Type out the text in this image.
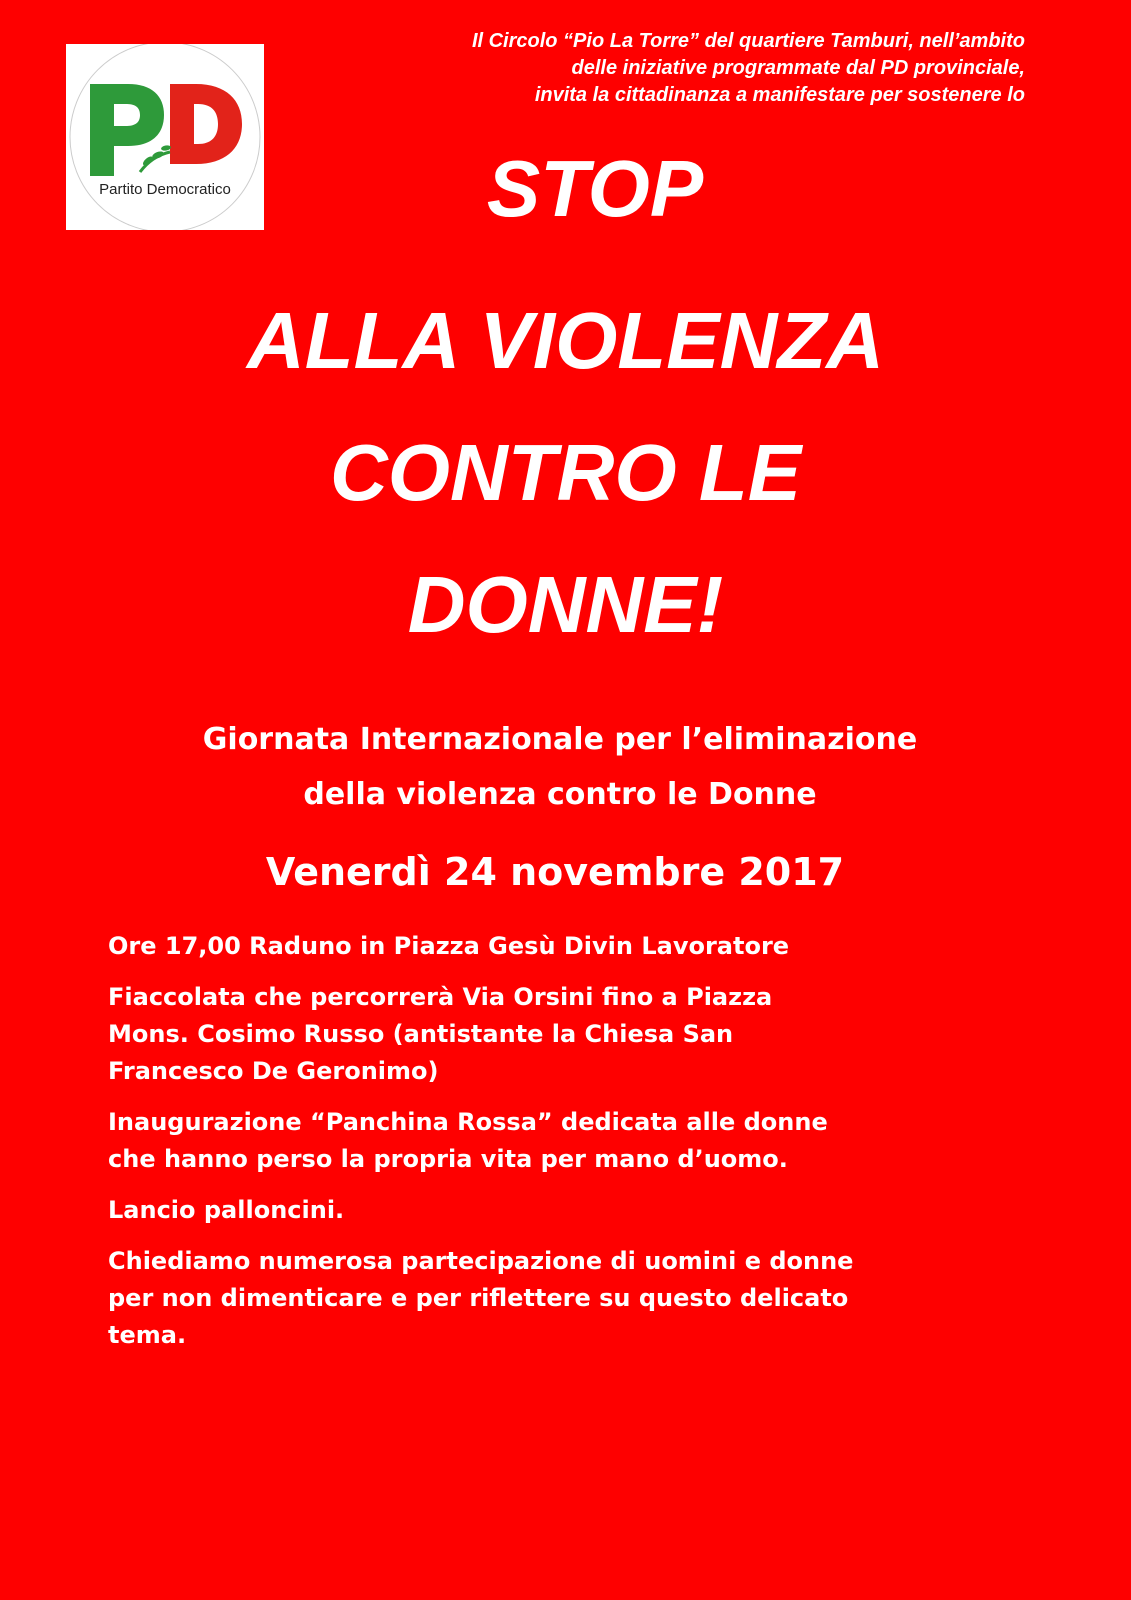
Partito Democratico
Il Circolo “Pio La Torre” del quartiere Tamburi, nell’ambito
delle iniziative programmate dal PD provinciale,
invita la cittadinanza a manifestare per sostenere lo
STOP
ALLA VIOLENZA
CONTRO LE
DONNE!
Giornata Internazionale per l’eliminazione
della violenza contro le Donne
Venerdì 24 novembre 2017
Ore 17,00 Raduno in Piazza Gesù Divin Lavoratore
Fiaccolata che percorrerà Via Orsini fino a Piazza
Mons. Cosimo Russo (antistante la Chiesa San
Francesco De Geronimo)
Inaugurazione “Panchina Rossa” dedicata alle donne
che hanno perso la propria vita per mano d’uomo.
Lancio palloncini.
Chiediamo numerosa partecipazione di uomini e donne
per non dimenticare e per riflettere su questo delicato
tema.
